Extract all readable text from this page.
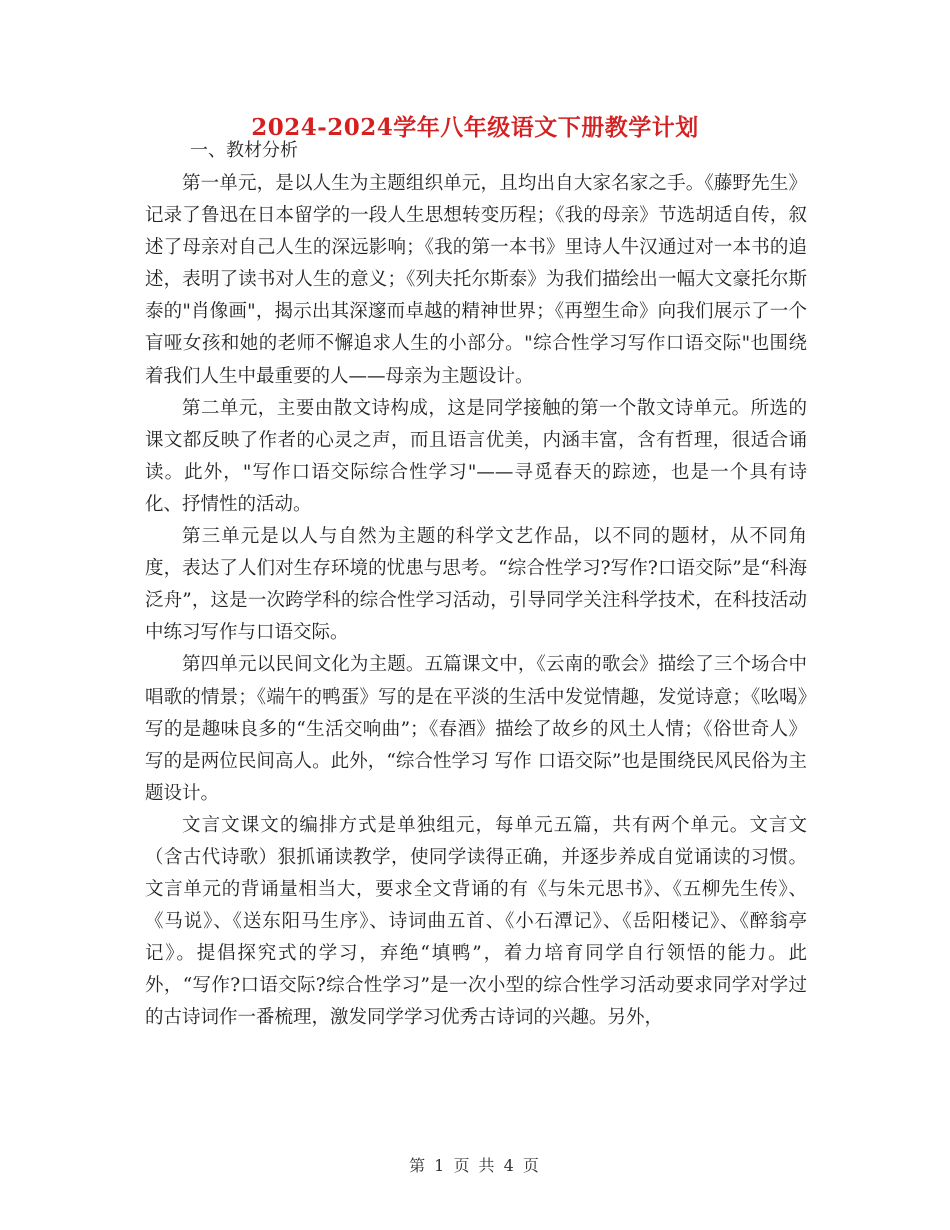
2024-2024学年八年级语文下册教学计划
一、教材分析

第一单元，是以人生为主题组织单元，且均出自大家名家之手。《藤野先生》记录了鲁迅在日本留学的一段人生思想转变历程；《我的母亲》节选胡适自传，叙述了母亲对自己人生的深远影响；《我的第一本书》里诗人牛汉通过对一本书的追述，表明了读书对人生的意义；《列夫托尔斯泰》为我们描绘出一幅大文豪托尔斯泰的"肖像画"，揭示出其深邃而卓越的精神世界；《再塑生命》向我们展示了一个盲哑女孩和她的老师不懈追求人生的小部分。"综合性学习写作口语交际"也围绕着我们人生中最重要的人——母亲为主题设计。

第二单元，主要由散文诗构成，这是同学接触的第一个散文诗单元。所选的课文都反映了作者的心灵之声，而且语言优美，内涵丰富，含有哲理，很适合诵读。此外，"写作口语交际综合性学习"——寻觅春天的踪迹，也是一个具有诗化、抒情性的活动。

第三单元是以人与自然为主题的科学文艺作品，以不同的题材，从不同角度，表达了人们对生存环境的忧患与思考。“综合性学习?写作?口语交际”是“科海泛舟”，这是一次跨学科的综合性学习活动，引导同学关注科学技术，在科技活动中练习写作与口语交际。

第四单元以民间文化为主题。五篇课文中，《云南的歌会》描绘了三个场合中唱歌的情景；《端午的鸭蛋》写的是在平淡的生活中发觉情趣，发觉诗意；《吆喝》写的是趣味良多的“生活交响曲”；《春酒》描绘了故乡的风土人情；《俗世奇人》写的是两位民间高人。此外，“综合性学习 写作 口语交际”也是围绕民风民俗为主题设计。

文言文课文的编排方式是单独组元，每单元五篇，共有两个单元。文言文（含古代诗歌）狠抓诵读教学，使同学读得正确，并逐步养成自觉诵读的习惯。文言单元的背诵量相当大，要求全文背诵的有《与朱元思书》、《五柳先生传》、《马说》、《送东阳马生序》、诗词曲五首、《小石潭记》、《岳阳楼记》、《醉翁亭记》。提倡探究式的学习，弃绝“填鸭”，着力培育同学自行领悟的能力。此外，“写作?口语交际?综合性学习”是一次小型的综合性学习活动要求同学对学过的古诗词作一番梳理，激发同学学习优秀古诗词的兴趣。另外，

第 1 页 共 4 页
